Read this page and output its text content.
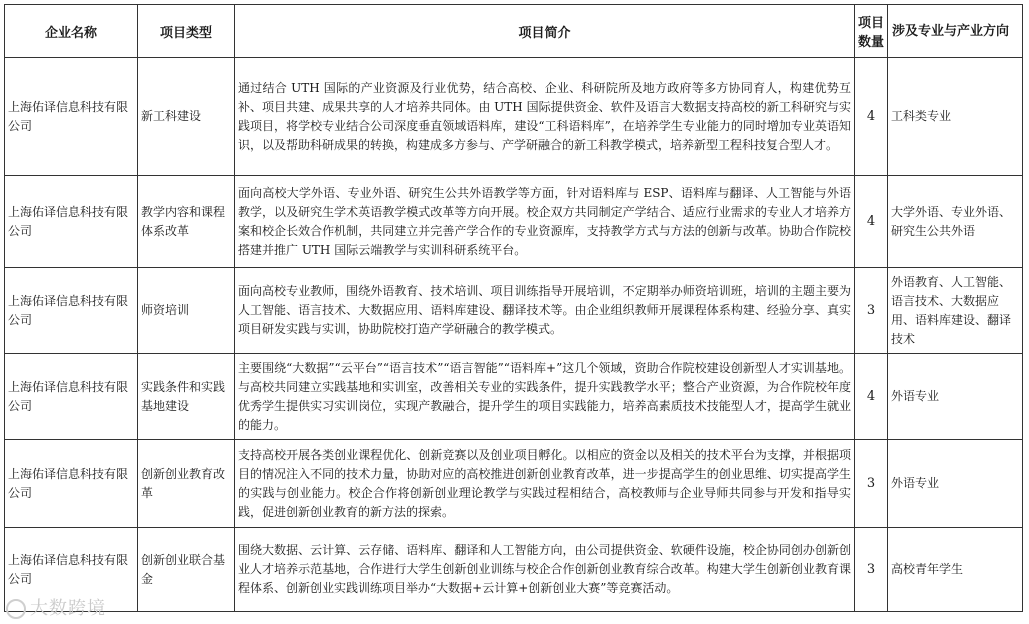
企业名称	项目类型	项目简介	项目数量	涉及专业与产业方向
上海佑译信息科技有限公司	新工科建设	通过结合 UTH 国际的产业资源及行业优势，结合高校、企业、科研院所及地方政府等多方协同育人，构建优势互补、项目共建、成果共享的人才培养共同体。由 UTH 国际提供资金、软件及语言大数据支持高校的新工科研究与实践项目，将学校专业结合公司深度垂直领域语料库，建设“工科语料库”，在培养学生专业能力的同时增加专业英语知识，以及帮助科研成果的转换，构建成多方参与、产学研融合的新工科教学模式，培养新型工程科技复合型人才。	4	工科类专业
上海佑译信息科技有限公司	教学内容和课程体系改革	面向高校大学外语、专业外语、研究生公共外语教学等方面，针对语料库与 ESP、语料库与翻译、人工智能与外语教学，以及研究生学术英语教学模式改革等方向开展。校企双方共同制定产学结合、适应行业需求的专业人才培养方案和校企长效合作机制，共同建立并完善产学合作的专业资源库，支持教学方式与方法的创新与改革。协助合作院校搭建并推广 UTH 国际云端教学与实训科研系统平台。	4	大学外语、专业外语、研究生公共外语
上海佑译信息科技有限公司	师资培训	面向高校专业教师，围绕外语教育、技术培训、项目训练指导开展培训，不定期举办师资培训班，培训的主题主要为人工智能、语言技术、大数据应用、语料库建设、翻译技术等。由企业组织教师开展课程体系构建、经验分享、真实项目研发实践与实训，协助院校打造产学研融合的教学模式。	3	外语教育、人工智能、语言技术、大数据应用、语料库建设、翻译技术
上海佑译信息科技有限公司	实践条件和实践基地建设	主要围绕“大数据”“云平台”“语言技术”“语言智能”“语料库+”这几个领域，资助合作院校建设创新型人才实训基地。与高校共同建立实践基地和实训室，改善相关专业的实践条件，提升实践教学水平；整合产业资源，为合作院校年度优秀学生提供实习实训岗位，实现产教融合，提升学生的项目实践能力，培养高素质技术技能型人才，提高学生就业的能力。	4	外语专业
上海佑译信息科技有限公司	创新创业教育改革	支持高校开展各类创业课程优化、创新竞赛以及创业项目孵化。以相应的资金以及相关的技术平台为支撑，并根据项目的情况注入不同的技术力量，协助对应的高校推进创新创业教育改革，进一步提高学生的创业思维、切实提高学生的实践与创业能力。校企合作将创新创业理论教学与实践过程相结合，高校教师与企业导师共同参与开发和指导实践，促进创新创业教育的新方法的探索。	3	外语专业
上海佑译信息科技有限公司	创新创业联合基金	围绕大数据、云计算、云存储、语料库、翻译和人工智能方向，由公司提供资金、软硬件设施，校企协同创办创新创业人才培养示范基地，合作进行大学生创新创业训练与校企合作创新创业教育综合改革。构建大学生创新创业教育课程体系、创新创业实践训练项目举办“大数据+云计算+创新创业大赛”等竞赛活动。	3	高校青年学生
大数跨境
